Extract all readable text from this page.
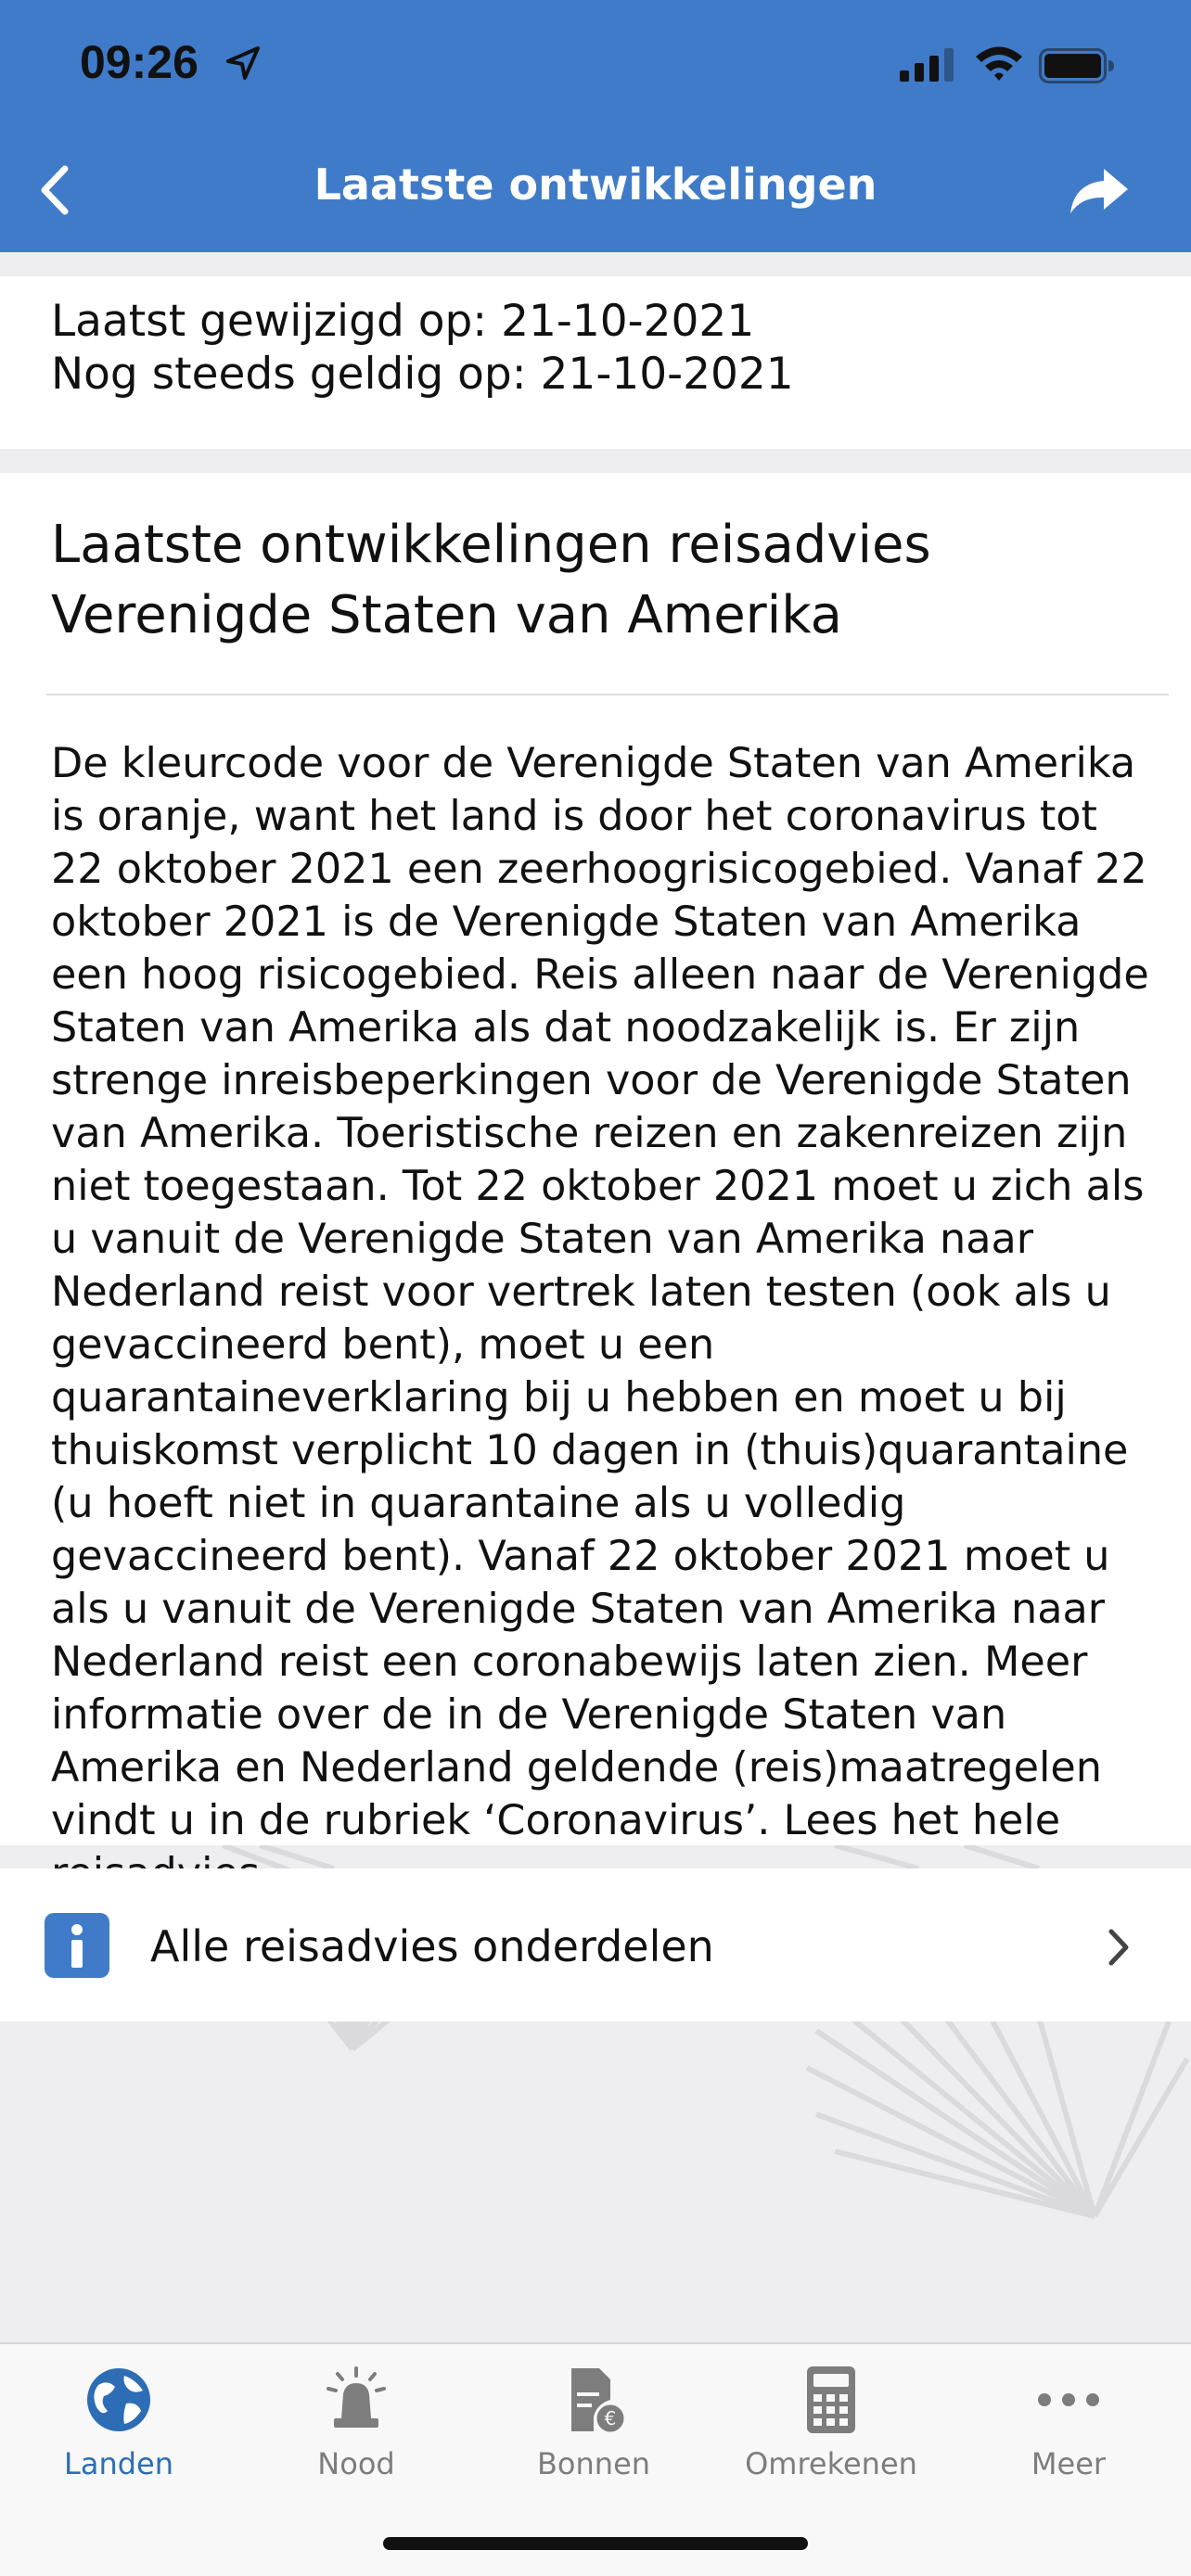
09:26
Laatste ontwikkelingen
Laatst gewijzigd op: 21-10-2021
Nog steeds geldig op: 21-10-2021
Laatste ontwikkelingen reisadvies Verenigde Staten van Amerika
De kleurcode voor de Verenigde Staten van Amerika is oranje, want het land is door het coronavirus tot 22 oktober 2021 een zeerhoogrisicogebied. Vanaf 22 oktober 2021 is de Verenigde Staten van Amerika een hoog risicogebied. Reis alleen naar de Verenigde Staten van Amerika als dat noodzakelijk is. Er zijn strenge inreisbeperkingen voor de Verenigde Staten van Amerika. Toeristische reizen en zakenreizen zijn niet toegestaan. Tot 22 oktober 2021 moet u zich als u vanuit de Verenigde Staten van Amerika naar Nederland reist voor vertrek laten testen (ook als u gevaccineerd bent), moet u een quarantaineverklaring bij u hebben en moet u bij thuiskomst verplicht 10 dagen in (thuis)quarantaine (u hoeft niet in quarantaine als u volledig gevaccineerd bent). Vanaf 22 oktober 2021 moet u als u vanuit de Verenigde Staten van Amerika naar Nederland reist een coronabewijs laten zien. Meer informatie over de in de Verenigde Staten van Amerika en Nederland geldende (reis)maatregelen vindt u in de rubriek ‘Coronavirus’. Lees het hele
Alle reisadvies onderdelen
Landen	Nood
€
Bonnen	Omrekenen	Meer
